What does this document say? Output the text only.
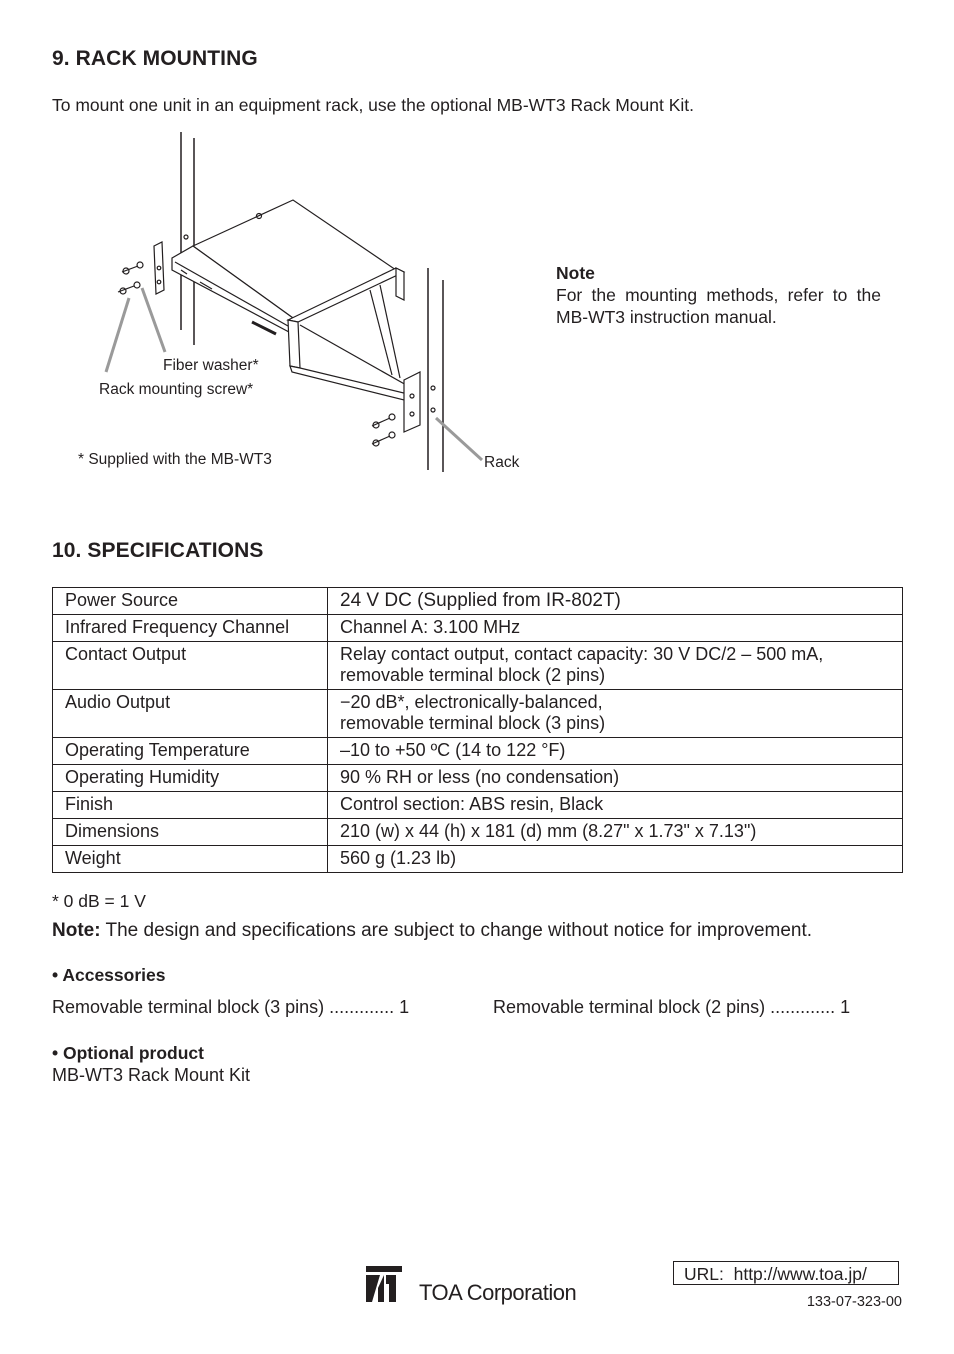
9. RACK MOUNTING
To mount one unit in an equipment rack, use the optional MB-WT3 Rack Mount Kit.
Fiber washer*
Rack mounting screw*
* Supplied with the MB-WT3	Rack
Note
For the mounting methods, refer to the MB-WT3 instruction manual.
10. SPECIFICATIONS
Power Source	24 V DC (Supplied from IR-802T)
Infrared Frequency Channel	Channel A: 3.100 MHz
Contact Output	Relay contact output, contact capacity: 30 V DC/2 – 500 mA,
removable terminal block (2 pins)

Audio Output	−20 dB*, electronically-balanced,
removable terminal block (3 pins)

Operating Temperature	–10 to +50 ºC (14 to 122 °F)
Operating Humidity	90 % RH or less (no condensation)
Finish	Control section: ABS resin, Black
Dimensions	210 (w) x 44 (h) x 181 (d) mm (8.27" x 1.73" x 7.13")
Weight	560 g (1.23 lb)
* 0 dB = 1 V
Note: The design and specifications are subject to change without notice for improvement.
• Accessories
Removable terminal block (3 pins) ............. 1	Removable terminal block (2 pins) ............. 1
• Optional product
MB-WT3 Rack Mount Kit
TOA Corporation
URL:  http://www.toa.jp/
133-07-323-00
